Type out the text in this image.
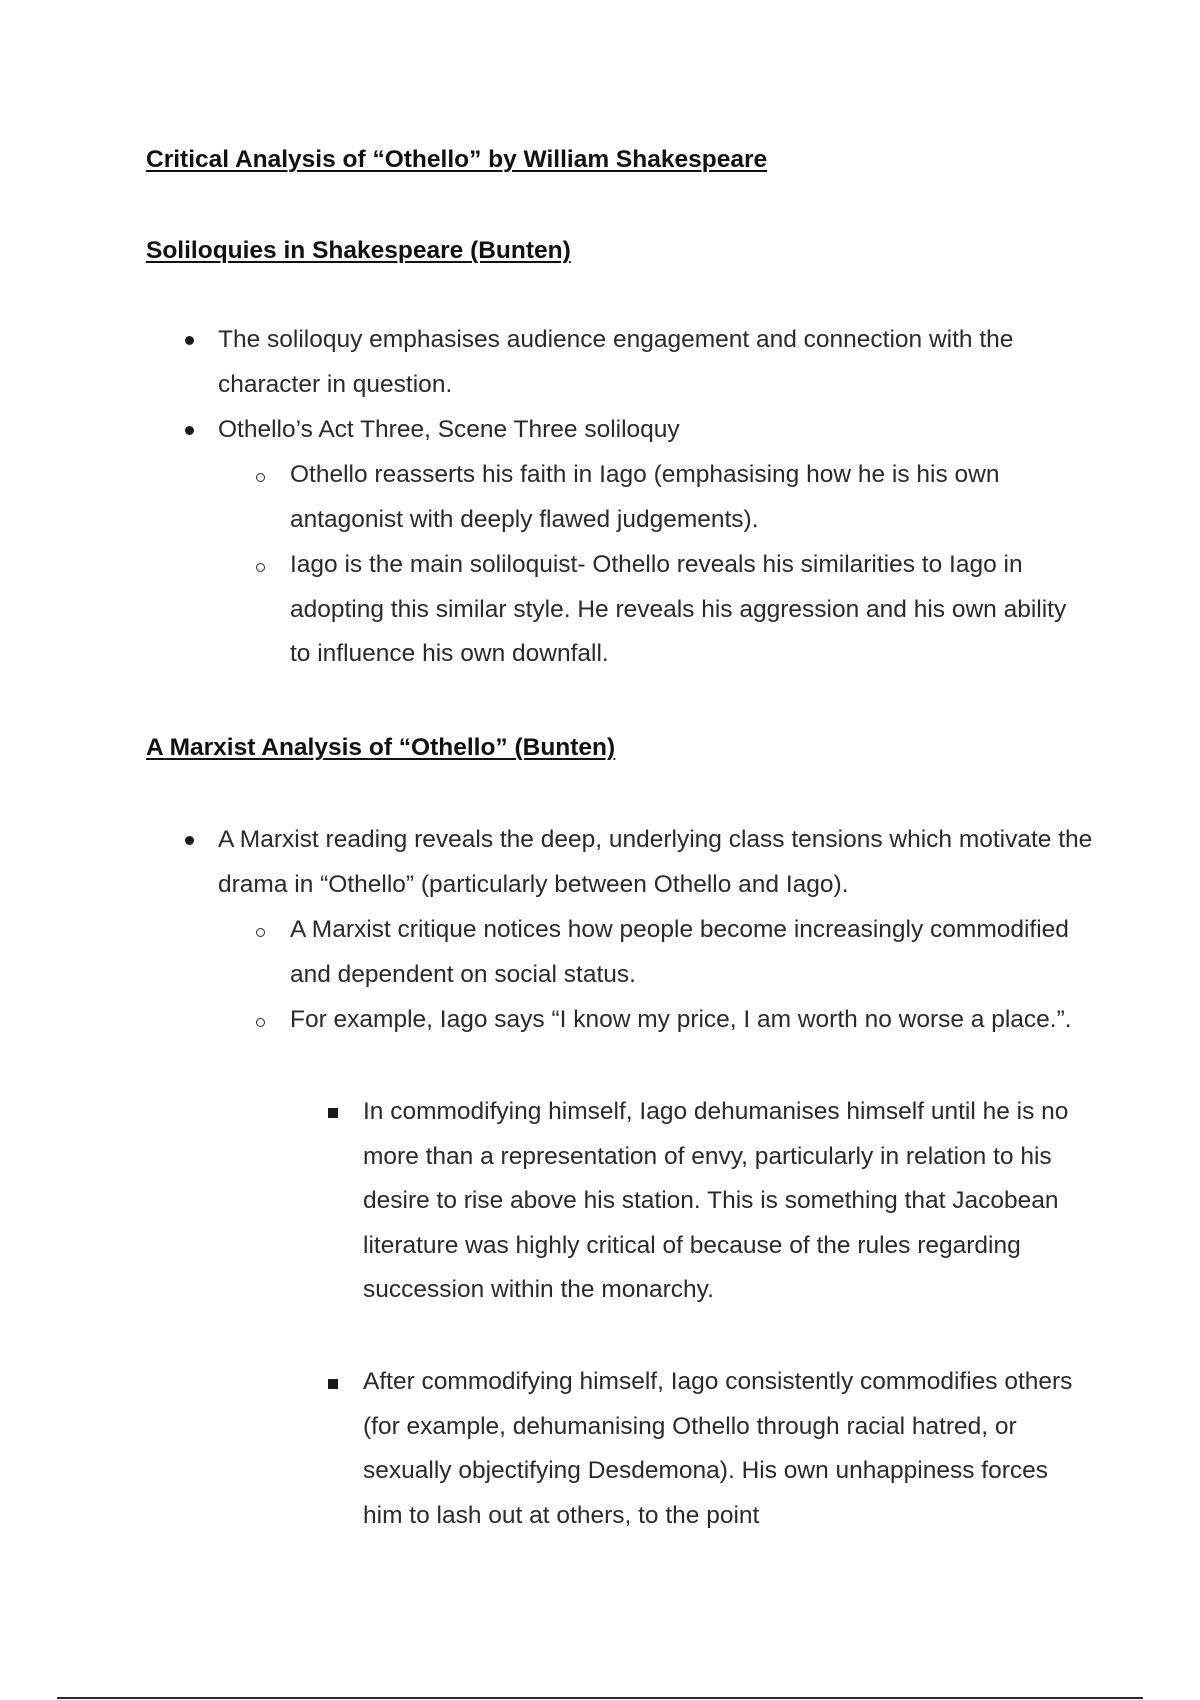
Critical Analysis of “Othello” by William Shakespeare
Soliloquies in Shakespeare (Bunten)

The soliloquy emphasises audience engagement and connection with the character in question.

Othello’s Act Three, Scene Three soliloquy

Othello reasserts his faith in Iago (emphasising how he is his own antagonist with deeply flawed judgements).

Iago is the main soliloquist- Othello reveals his similarities to Iago in adopting this similar style. He reveals his aggression and his own ability to influence his own downfall.

A Marxist Analysis of “Othello” (Bunten)

A Marxist reading reveals the deep, underlying class tensions which motivate the drama in “Othello” (particularly between Othello and Iago).

A Marxist critique notices how people become increasingly commodified and dependent on social status.

For example, Iago says “I know my price, I am worth no worse a place.”.

In commodifying himself, Iago dehumanises himself until he is no more than a representation of envy, particularly in relation to his desire to rise above his station. This is something that Jacobean literature was highly critical of because of the rules regarding succession within the monarchy.

After commodifying himself, Iago consistently commodifies others (for example, dehumanising Othello through racial hatred, or sexually objectifying Desdemona). His own unhappiness forces him to lash out at others, to the point
